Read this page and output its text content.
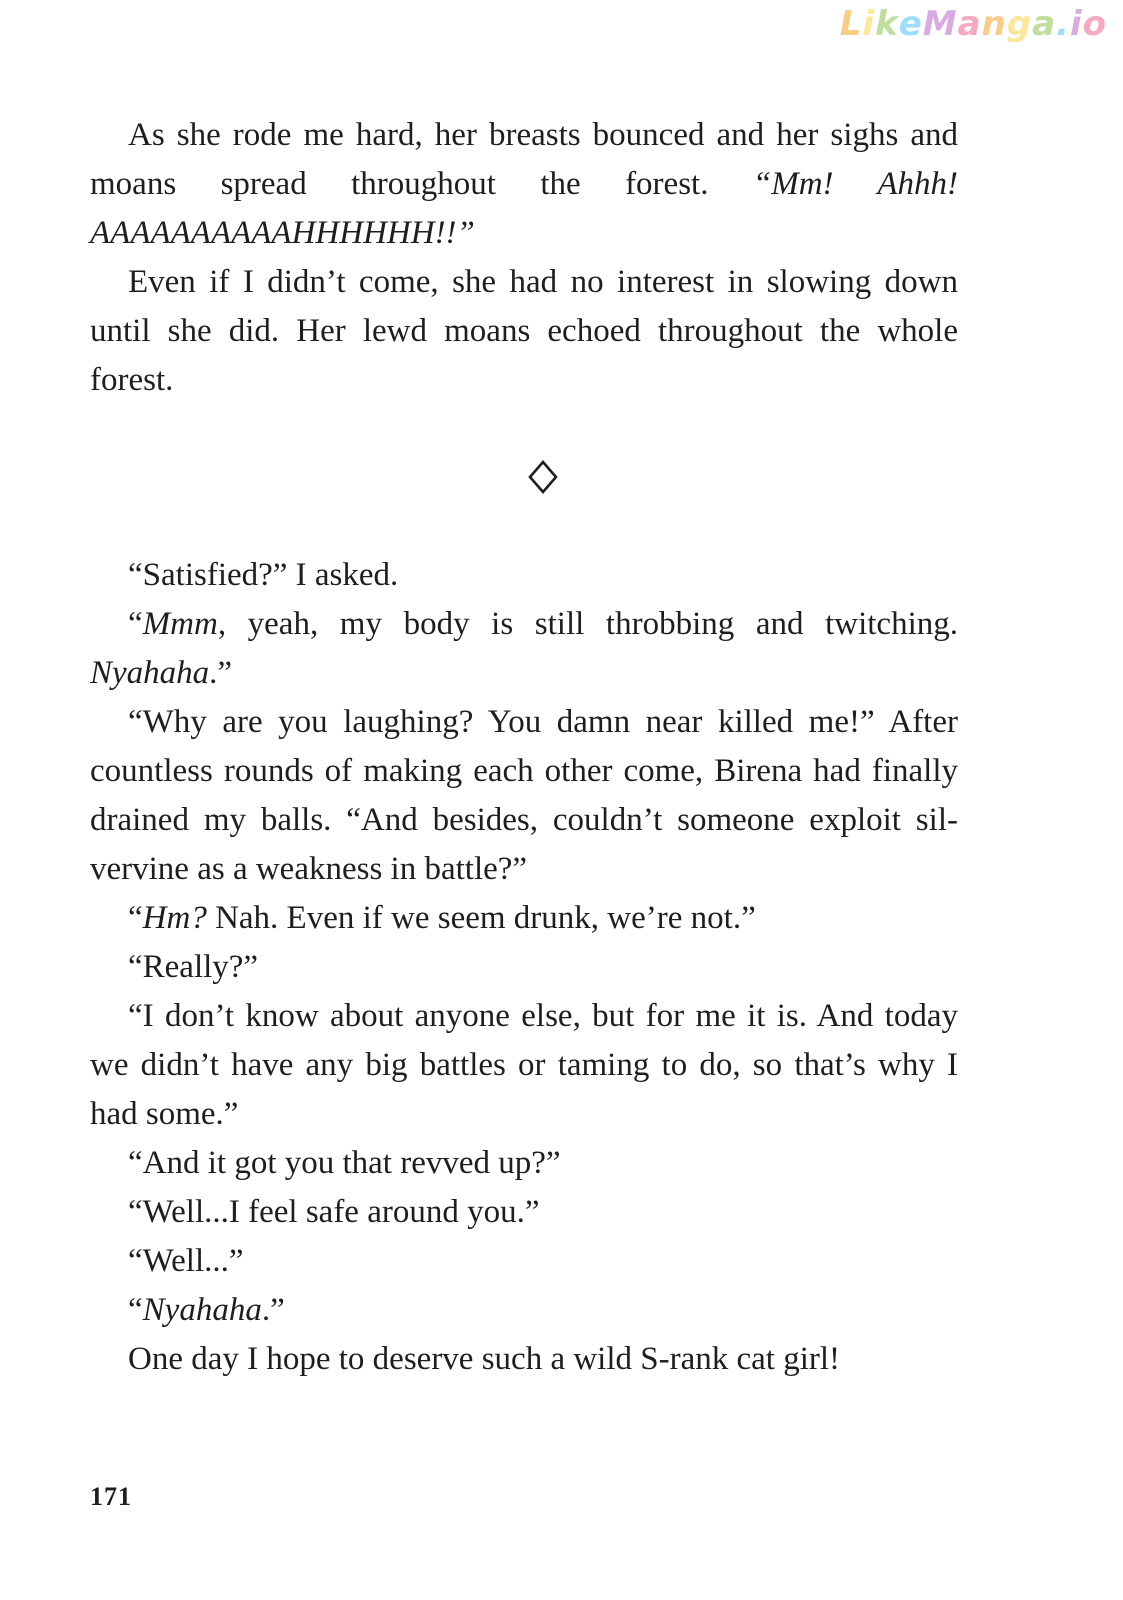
LikeManga.io

As she rode me hard, her breasts bounced and her sighs and moans spread throughout the forest. “Mm! Ahhh! AAAAAAAAAAHHHHHH!!”

Even if I didn’t come, she had no interest in slowing down until she did. Her lewd moans echoed throughout the whole forest.

“Satisfied?” I asked.

“Mmm, yeah, my body is still throbbing and twitching. Nyahaha.”

“Why are you laughing? You damn near killed me!” After countless rounds of making each other come, Birena had finally drained my balls. “And besides, couldn’t someone exploit silvervine as a weakness in battle?”

“Hm? Nah. Even if we seem drunk, we’re not.”

“Really?”

“I don’t know about anyone else, but for me it is. And today we didn’t have any big battles or taming to do, so that’s why I had some.”

“And it got you that revved up?”

“Well...I feel safe around you.”

“Well...”

“Nyahaha.”

One day I hope to deserve such a wild S-rank cat girl!

171
